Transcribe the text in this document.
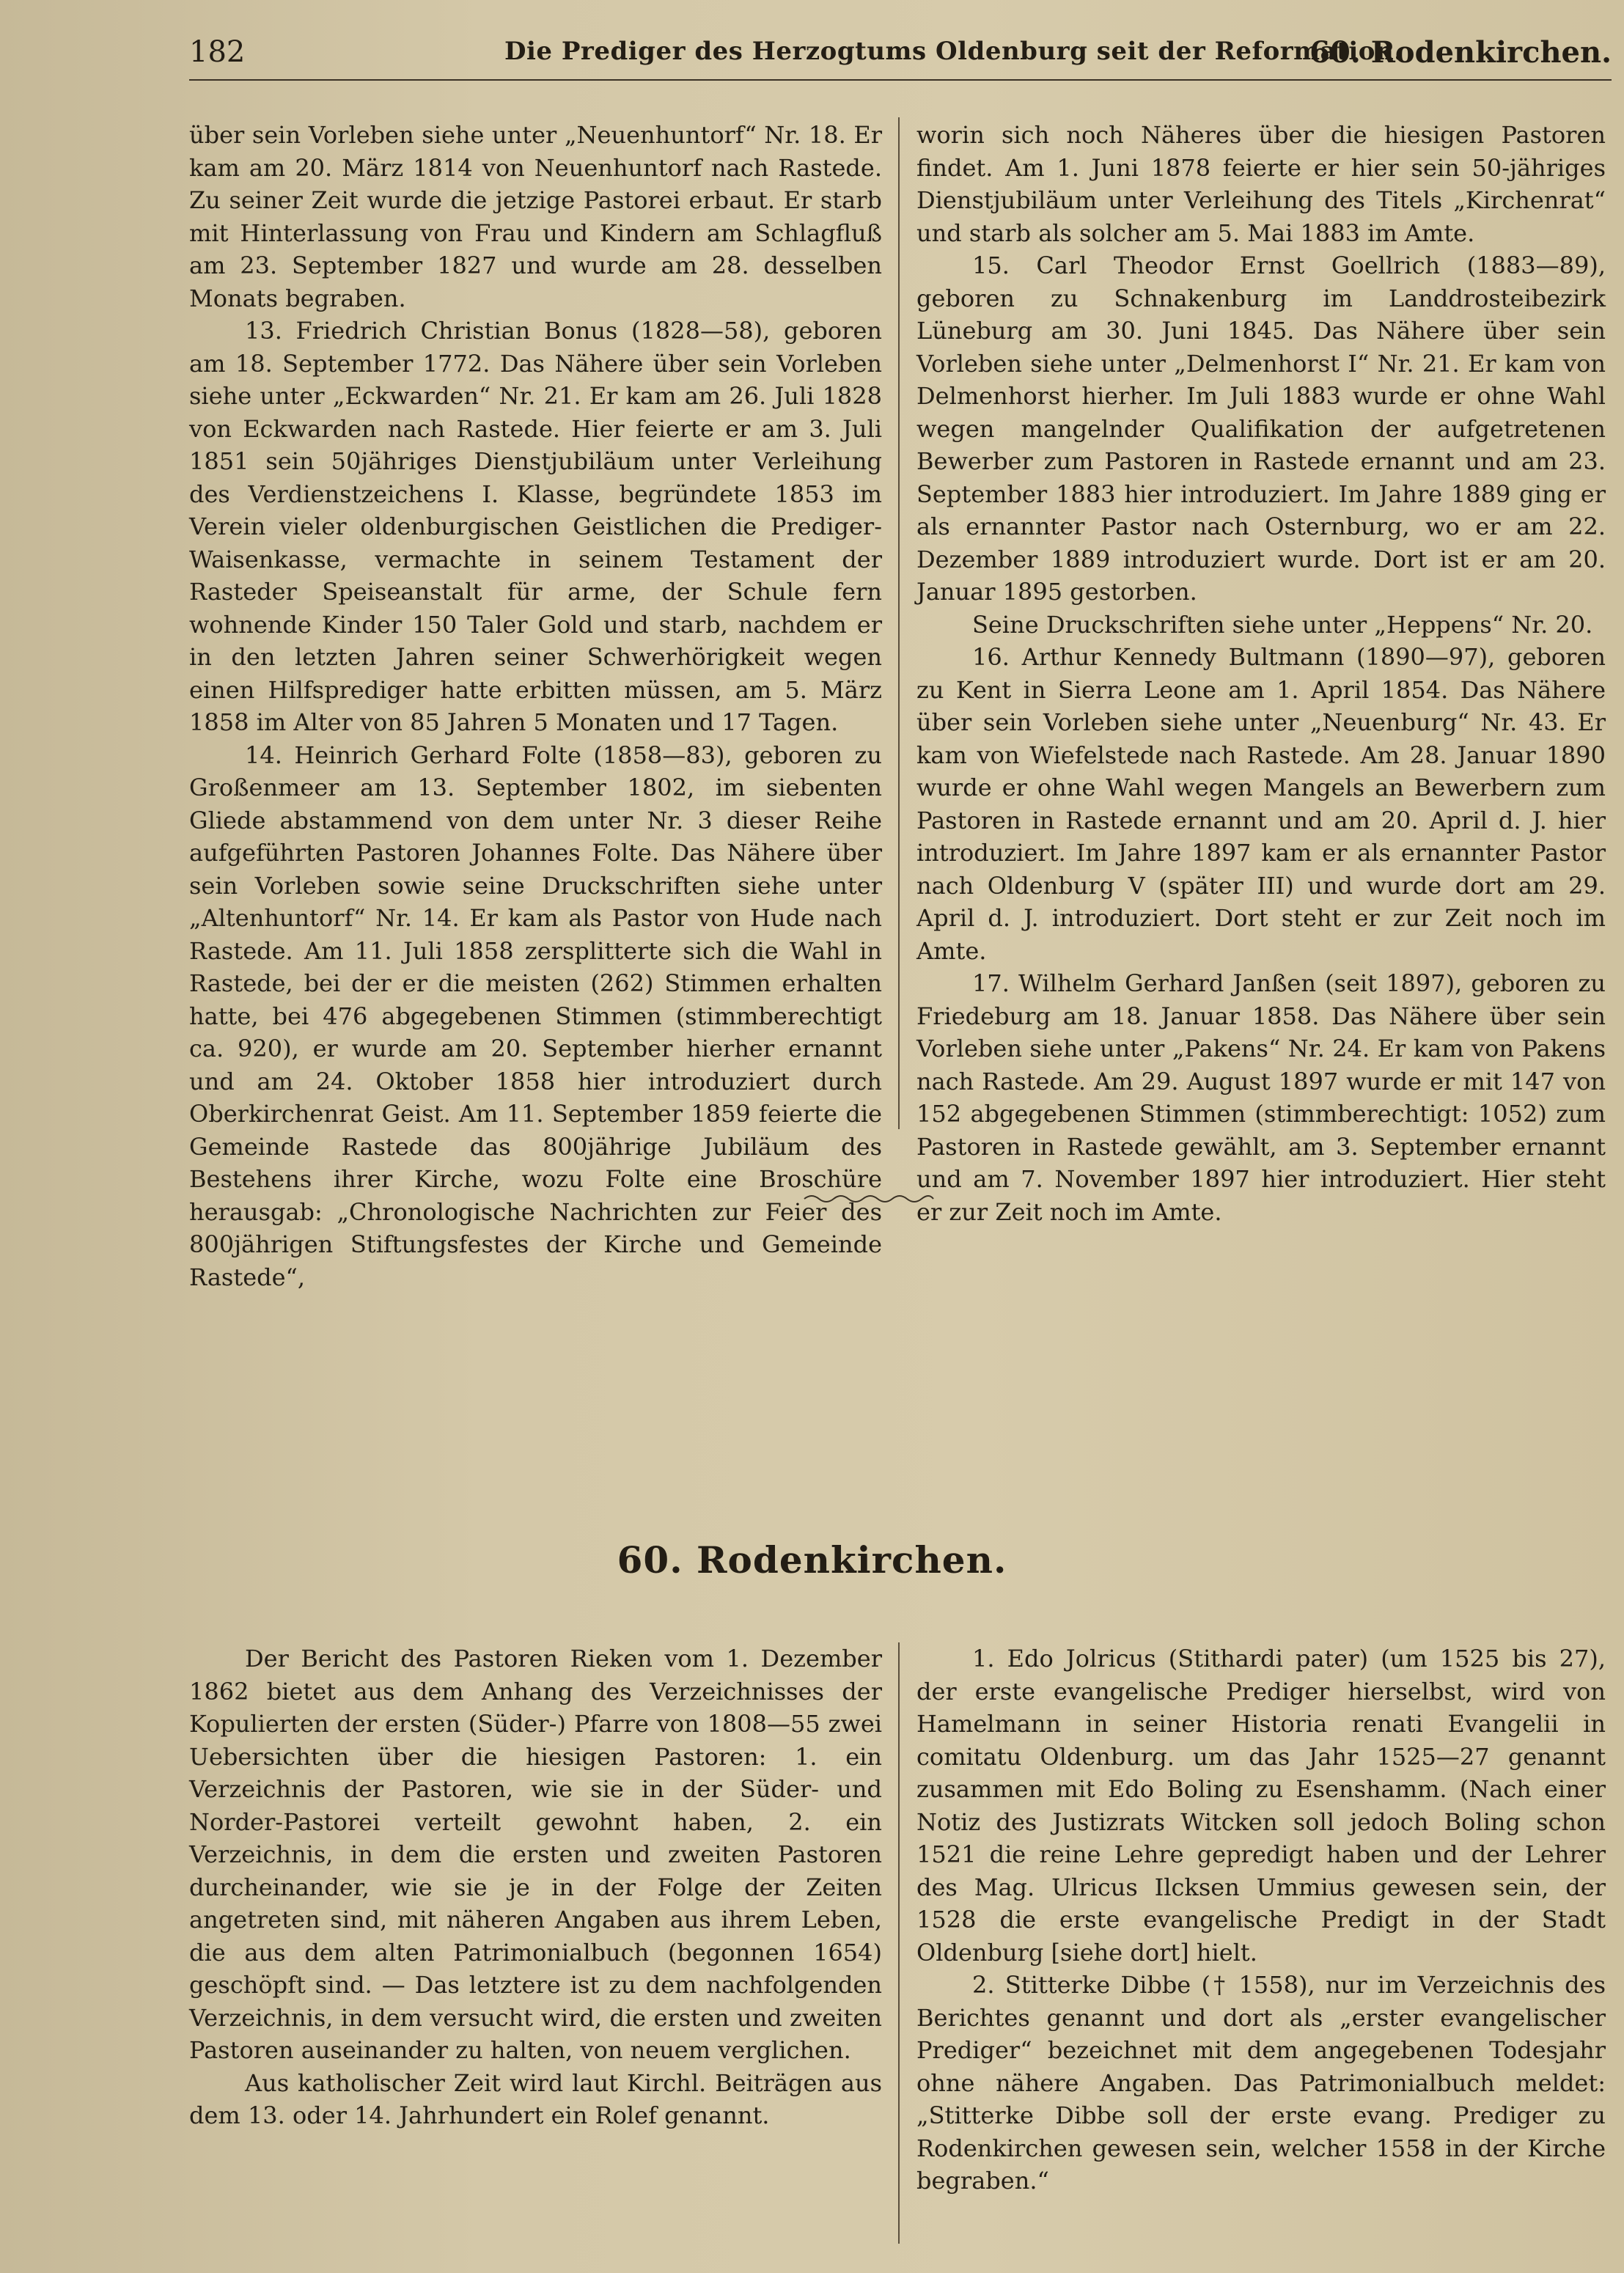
182	Die Prediger des Herzogtums Oldenburg seit der Reformation.
60. Rodenkirchen.

über sein Vorleben siehe unter „Neuenhuntorf“ Nr. 18. Er kam am 20. März 1814 von Neuenhuntorf nach Rastede. Zu seiner Zeit wurde die jetzige Pastorei erbaut. Er starb mit Hinterlassung von Frau und Kindern am Schlagfluß am 23. September 1827 und wurde am 28. desselben Monats begraben.

13. Friedrich Christian Bonus (1828—58), geboren am 18. September 1772. Das Nähere über sein Vorleben siehe unter „Eckwarden“ Nr. 21. Er kam am 26. Juli 1828 von Eckwarden nach Rastede. Hier feierte er am 3. Juli 1851 sein 50jähriges Dienstjubiläum unter Verleihung des Verdienstzeichens I. Klasse, begründete 1853 im Verein vieler oldenburgischen Geistlichen die Prediger-Waisenkasse, vermachte in seinem Testament der Rasteder Speiseanstalt für arme, der Schule fern wohnende Kinder 150 Taler Gold und starb, nachdem er in den letzten Jahren seiner Schwerhörigkeit wegen einen Hilfsprediger hatte erbitten müssen, am 5. März 1858 im Alter von 85 Jahren 5 Monaten und 17 Tagen.

14. Heinrich Gerhard Folte (1858—83), geboren zu Großenmeer am 13. September 1802, im siebenten Gliede abstammend von dem unter Nr. 3 dieser Reihe aufgeführten Pastoren Johannes Folte. Das Nähere über sein Vorleben sowie seine Druckschriften siehe unter „Altenhuntorf“ Nr. 14. Er kam als Pastor von Hude nach Rastede. Am 11. Juli 1858 zersplitterte sich die Wahl in Rastede, bei der er die meisten (262) Stimmen erhalten hatte, bei 476 abgegebenen Stimmen (stimmberechtigt ca. 920), er wurde am 20. September hierher ernannt und am 24. Oktober 1858 hier introduziert durch Oberkirchenrat Geist. Am 11. September 1859 feierte die Gemeinde Rastede das 800jährige Jubiläum des Bestehens ihrer Kirche, wozu Folte eine Broschüre herausgab: „Chronologische Nachrichten zur Feier des 800jährigen Stiftungsfestes der Kirche und Gemeinde Rastede“,

worin sich noch Näheres über die hiesigen Pastoren findet. Am 1. Juni 1878 feierte er hier sein 50-jähriges Dienstjubiläum unter Verleihung des Titels „Kirchenrat“ und starb als solcher am 5. Mai 1883 im Amte.

15. Carl Theodor Ernst Goellrich (1883—89), geboren zu Schnakenburg im Landdrosteibezirk Lüneburg am 30. Juni 1845. Das Nähere über sein Vorleben siehe unter „Delmenhorst I“ Nr. 21. Er kam von Delmenhorst hierher. Im Juli 1883 wurde er ohne Wahl wegen mangelnder Qualifikation der aufgetretenen Bewerber zum Pastoren in Rastede ernannt und am 23. September 1883 hier introduziert. Im Jahre 1889 ging er als ernannter Pastor nach Osternburg, wo er am 22. Dezember 1889 introduziert wurde. Dort ist er am 20. Januar 1895 gestorben.

Seine Druckschriften siehe unter „Heppens“ Nr. 20.

16. Arthur Kennedy Bultmann (1890—97), geboren zu Kent in Sierra Leone am 1. April 1854. Das Nähere über sein Vorleben siehe unter „Neuenburg“ Nr. 43. Er kam von Wiefelstede nach Rastede. Am 28. Januar 1890 wurde er ohne Wahl wegen Mangels an Bewerbern zum Pastoren in Rastede ernannt und am 20. April d. J. hier introduziert. Im Jahre 1897 kam er als ernannter Pastor nach Oldenburg V (später III) und wurde dort am 29. April d. J. introduziert. Dort steht er zur Zeit noch im Amte.

17. Wilhelm Gerhard Janßen (seit 1897), geboren zu Friedeburg am 18. Januar 1858. Das Nähere über sein Vorleben siehe unter „Pakens“ Nr. 24. Er kam von Pakens nach Rastede. Am 29. August 1897 wurde er mit 147 von 152 abgegebenen Stimmen (stimmberechtigt: 1052) zum Pastoren in Rastede gewählt, am 3. September ernannt und am 7. November 1897 hier introduziert. Hier steht er zur Zeit noch im Amte.

60. Rodenkirchen.

Der Bericht des Pastoren Rieken vom 1. Dezember 1862 bietet aus dem Anhang des Verzeichnisses der Kopulierten der ersten (Süder-) Pfarre von 1808—55 zwei Uebersichten über die hiesigen Pastoren: 1. ein Verzeichnis der Pastoren, wie sie in der Süder- und Norder-Pastorei verteilt gewohnt haben, 2. ein Verzeichnis, in dem die ersten und zweiten Pastoren durcheinander, wie sie je in der Folge der Zeiten angetreten sind, mit näheren Angaben aus ihrem Leben, die aus dem alten Patrimonialbuch (begonnen 1654) geschöpft sind. — Das letztere ist zu dem nachfolgenden Verzeichnis, in dem versucht wird, die ersten und zweiten Pastoren auseinander zu halten, von neuem verglichen.

Aus katholischer Zeit wird laut Kirchl. Beiträgen aus dem 13. oder 14. Jahrhundert ein Rolef genannt.

1. Edo Jolricus (Stithardi pater) (um 1525 bis 27), der erste evangelische Prediger hierselbst, wird von Hamelmann in seiner Historia renati Evangelii in comitatu Oldenburg. um das Jahr 1525—27 genannt zusammen mit Edo Boling zu Esenshamm. (Nach einer Notiz des Justizrats Witcken soll jedoch Boling schon 1521 die reine Lehre gepredigt haben und der Lehrer des Mag. Ulricus Ilcksen Ummius gewesen sein, der 1528 die erste evangelische Predigt in der Stadt Oldenburg [siehe dort] hielt.

2. Stitterke Dibbe († 1558), nur im Verzeichnis des Berichtes genannt und dort als „erster evangelischer Prediger“ bezeichnet mit dem angegebenen Todesjahr ohne nähere Angaben. Das Patrimonialbuch meldet: „Stitterke Dibbe soll der erste evang. Prediger zu Rodenkirchen gewesen sein, welcher 1558 in der Kirche begraben.“
